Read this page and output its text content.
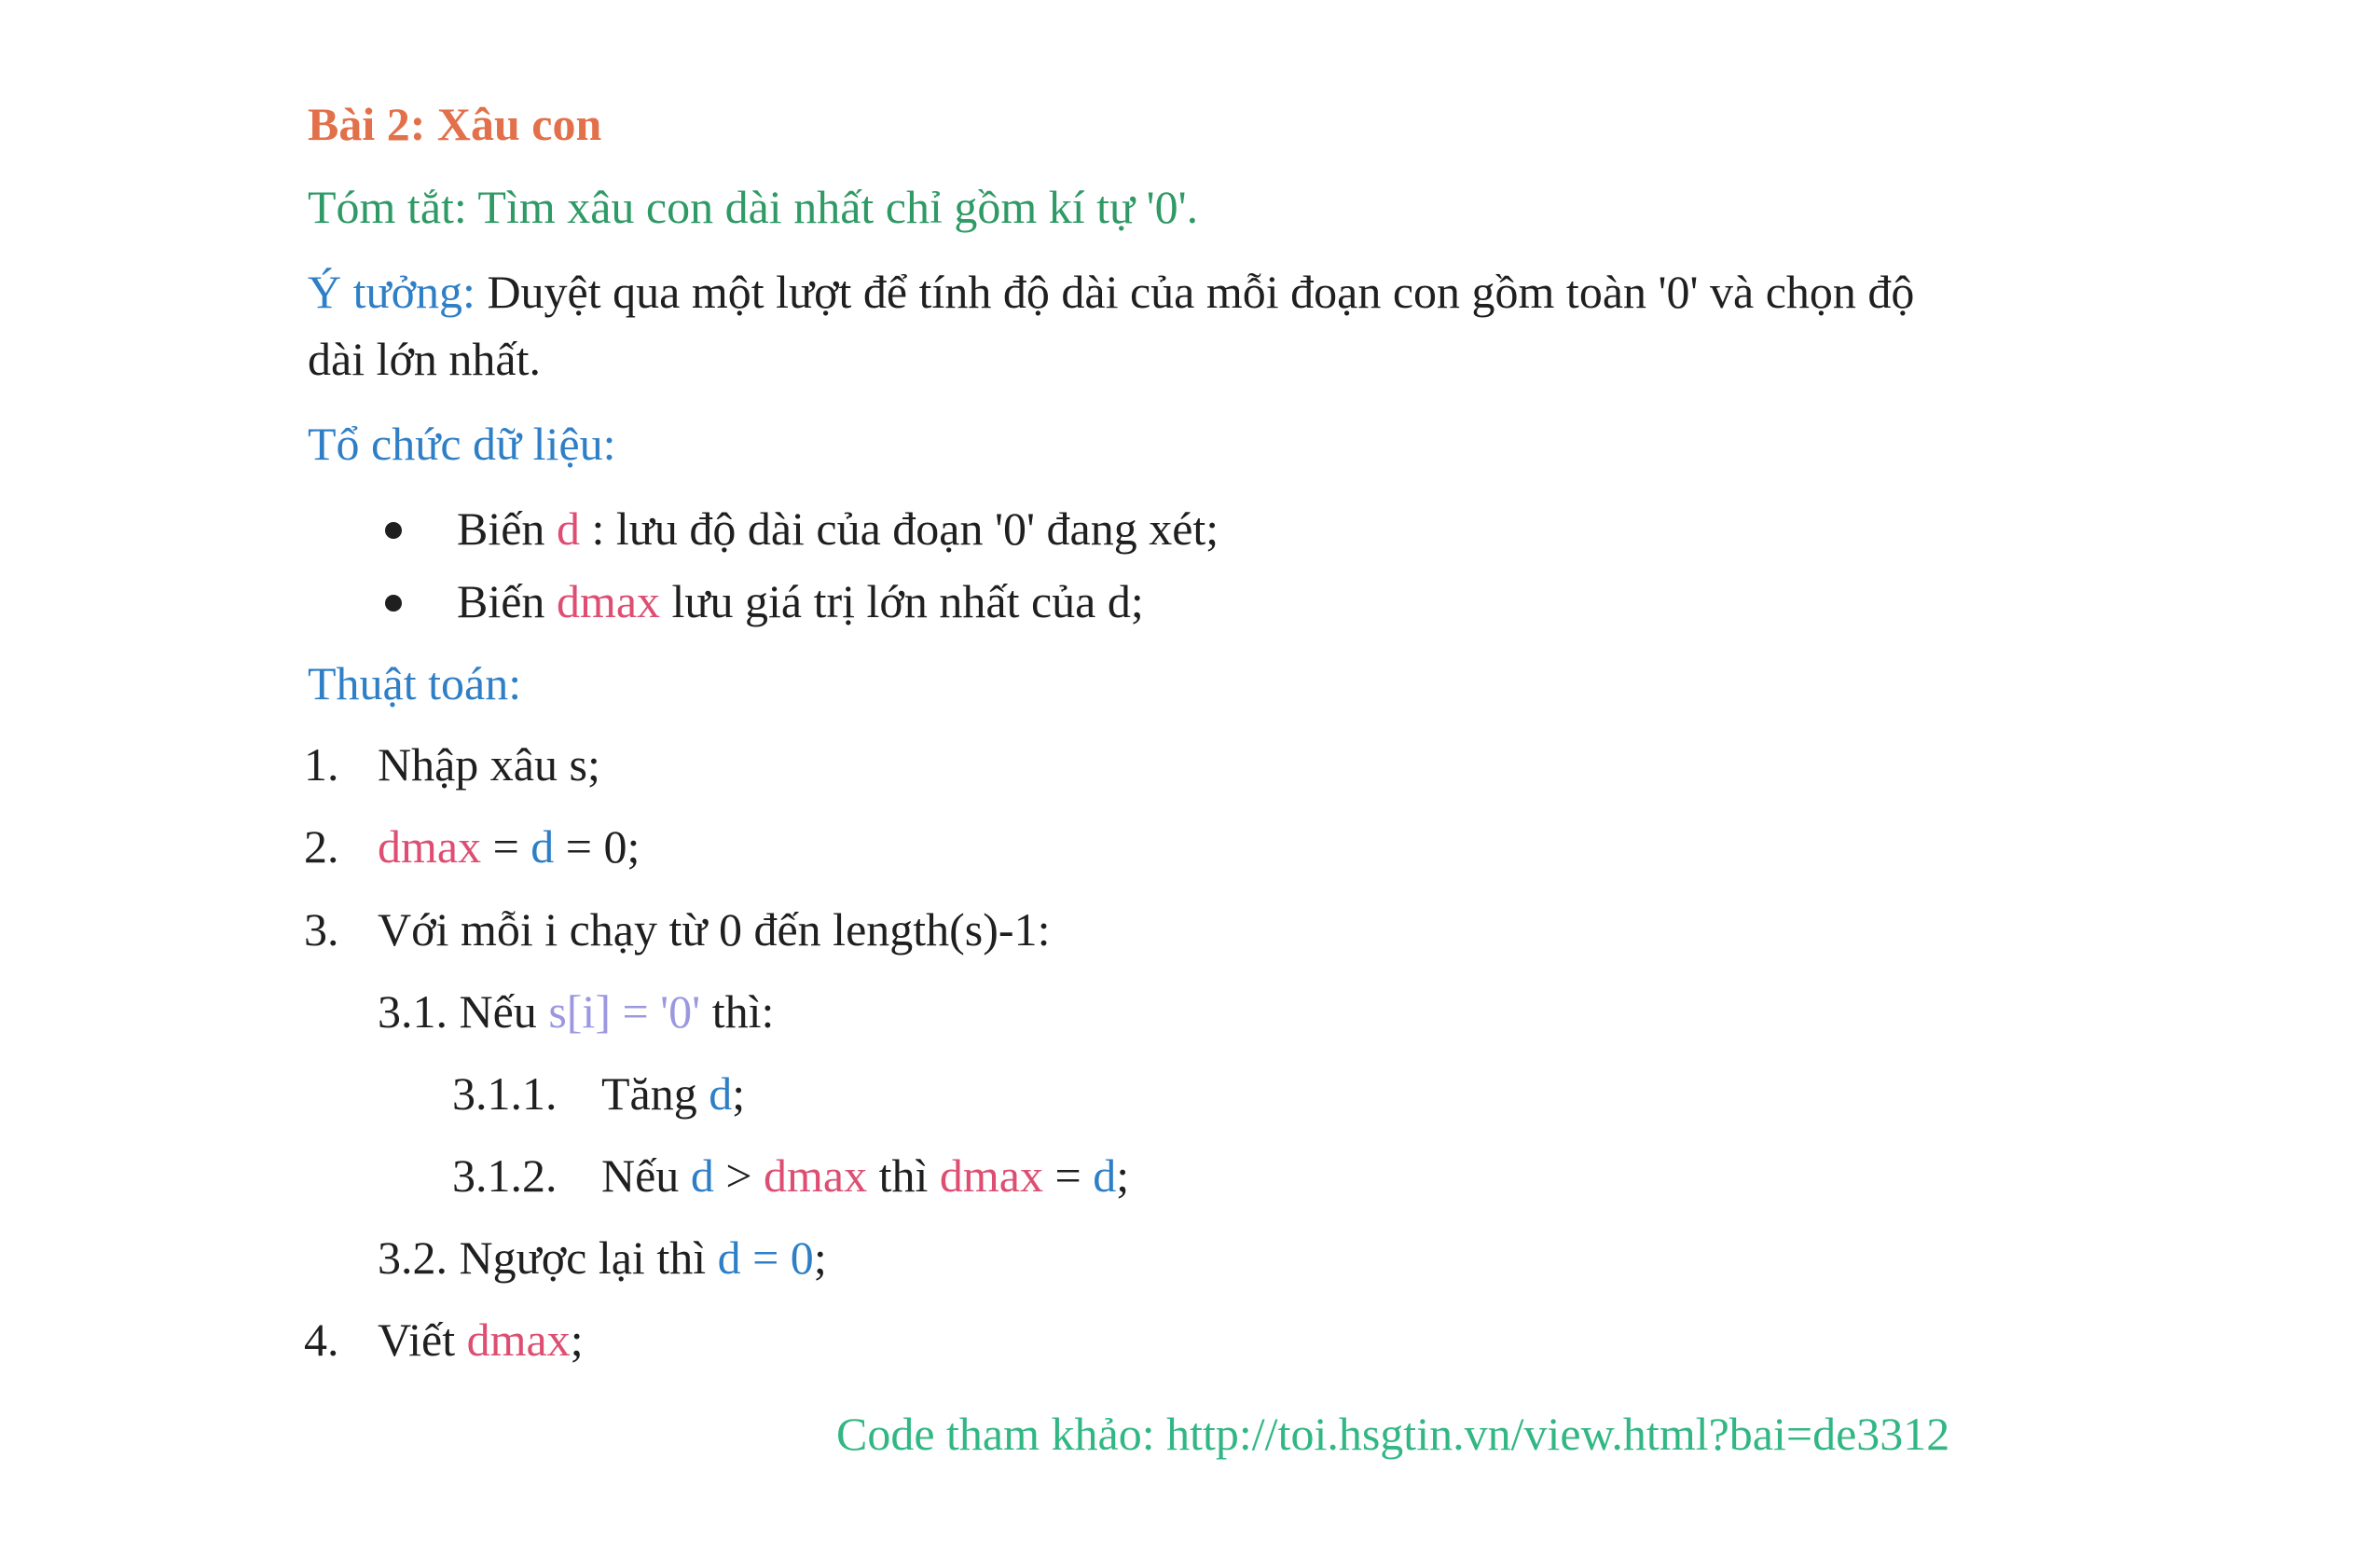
Bài 2: Xâu con
Tóm tắt: Tìm xâu con dài nhất chỉ gồm kí tự '0'.
Ý tưởng: Duyệt qua một lượt để tính độ dài của mỗi đoạn con gồm toàn '0' và chọn độ
dài lớn nhất.
Tổ chức dữ liệu:
Biến d : lưu độ dài của đoạn '0' đang xét;
Biến dmax lưu giá trị lớn nhất của d;
Thuật toán:
1. Nhập xâu s;
2. dmax = d = 0;
3. Với mỗi i chạy từ 0 đến length(s)-1:
3.1. Nếu s[i] = '0' thì:
3.1.1. Tăng d;
3.1.2. Nếu d > dmax thì dmax = d;
3.2. Ngược lại thì d = 0;
4. Viết dmax;
Code tham khảo: http://toi.hsgtin.vn/view.html?bai=de3312
